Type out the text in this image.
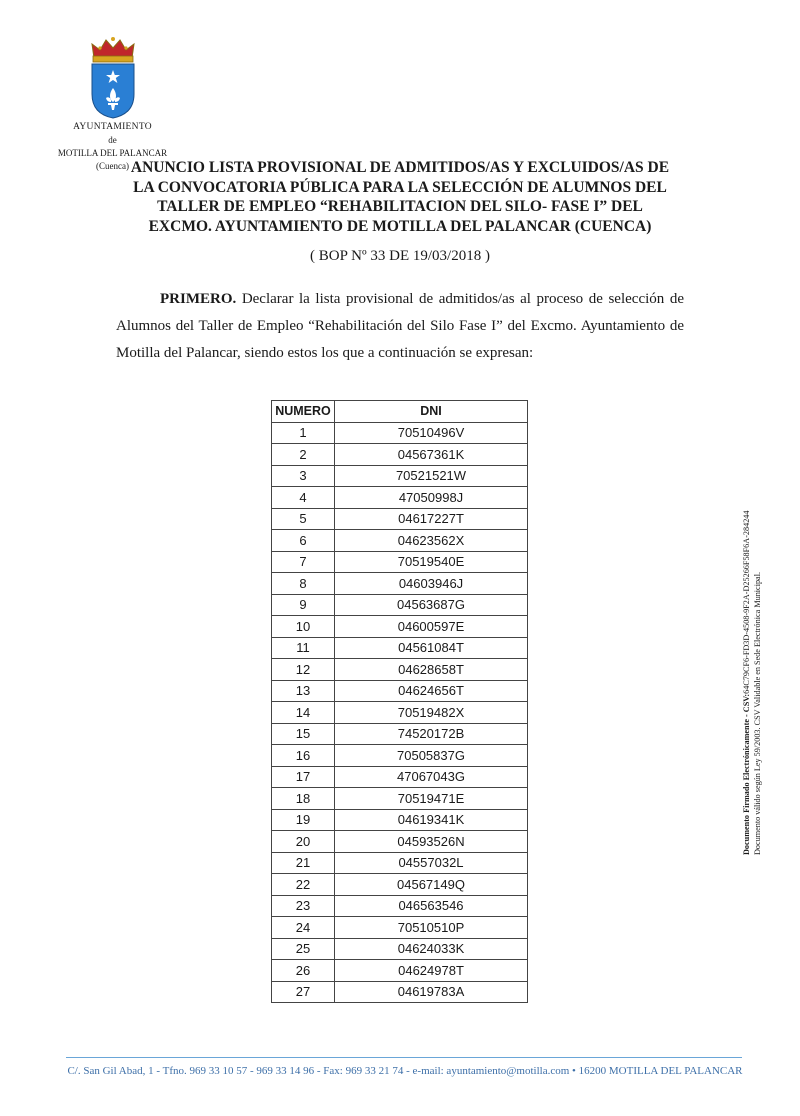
AYUNTAMIENTO
de
MOTILLA DEL PALANCAR
(Cuenca) ANUNCIO LISTA PROVISIONAL DE ADMITIDOS/AS Y EXCLUIDOS/AS DE
LA CONVOCATORIA PÚBLICA PARA LA SELECCIÓN DE ALUMNOS DEL
TALLER DE EMPLEO “REHABILITACION DEL SILO- FASE I” DEL
EXCMO. AYUNTAMIENTO DE MOTILLA DEL PALANCAR (CUENCA)
( BOP Nº 33 DE 19/03/2018 )
PRIMERO. Declarar la lista provisional de admitidos/as al proceso de selección de Alumnos del Taller de Empleo “Rehabilitación del Silo Fase I” del Excmo. Ayuntamiento de Motilla del Palancar, siendo estos los que a continuación se expresan:
NUMERO	DNI
1	70510496V
2	04567361K
3	70521521W
4	47050998J
5	04617227T
6	04623562X
7	70519540E
8	04603946J
9	04563687G
10	04600597E
11	04561084T
12	04628658T
13	04624656T
14	70519482X
15	74520172B
16	70505837G
17	47067043G
18	70519471E
19	04619341K
20	04593526N
21	04557032L
22	04567149Q
23	046563546
24	70510510P
25	04624033K
26	04624978T
27	04619783A
Documento Firmado Electrónicamente - CSV:64C79CF6-FD3D-4508-9F2A-D25266F58F6A-284244 Documento válido según Ley 59/2003. CSV Validable en Sede Electrónica Municipal.
C/. San Gil Abad, 1 - Tfno. 969 33 10 57 - 969 33 14 96 - Fax: 969 33 21 74 - e-mail: ayuntamiento@motilla.com • 16200 MOTILLA DEL PALANCAR
